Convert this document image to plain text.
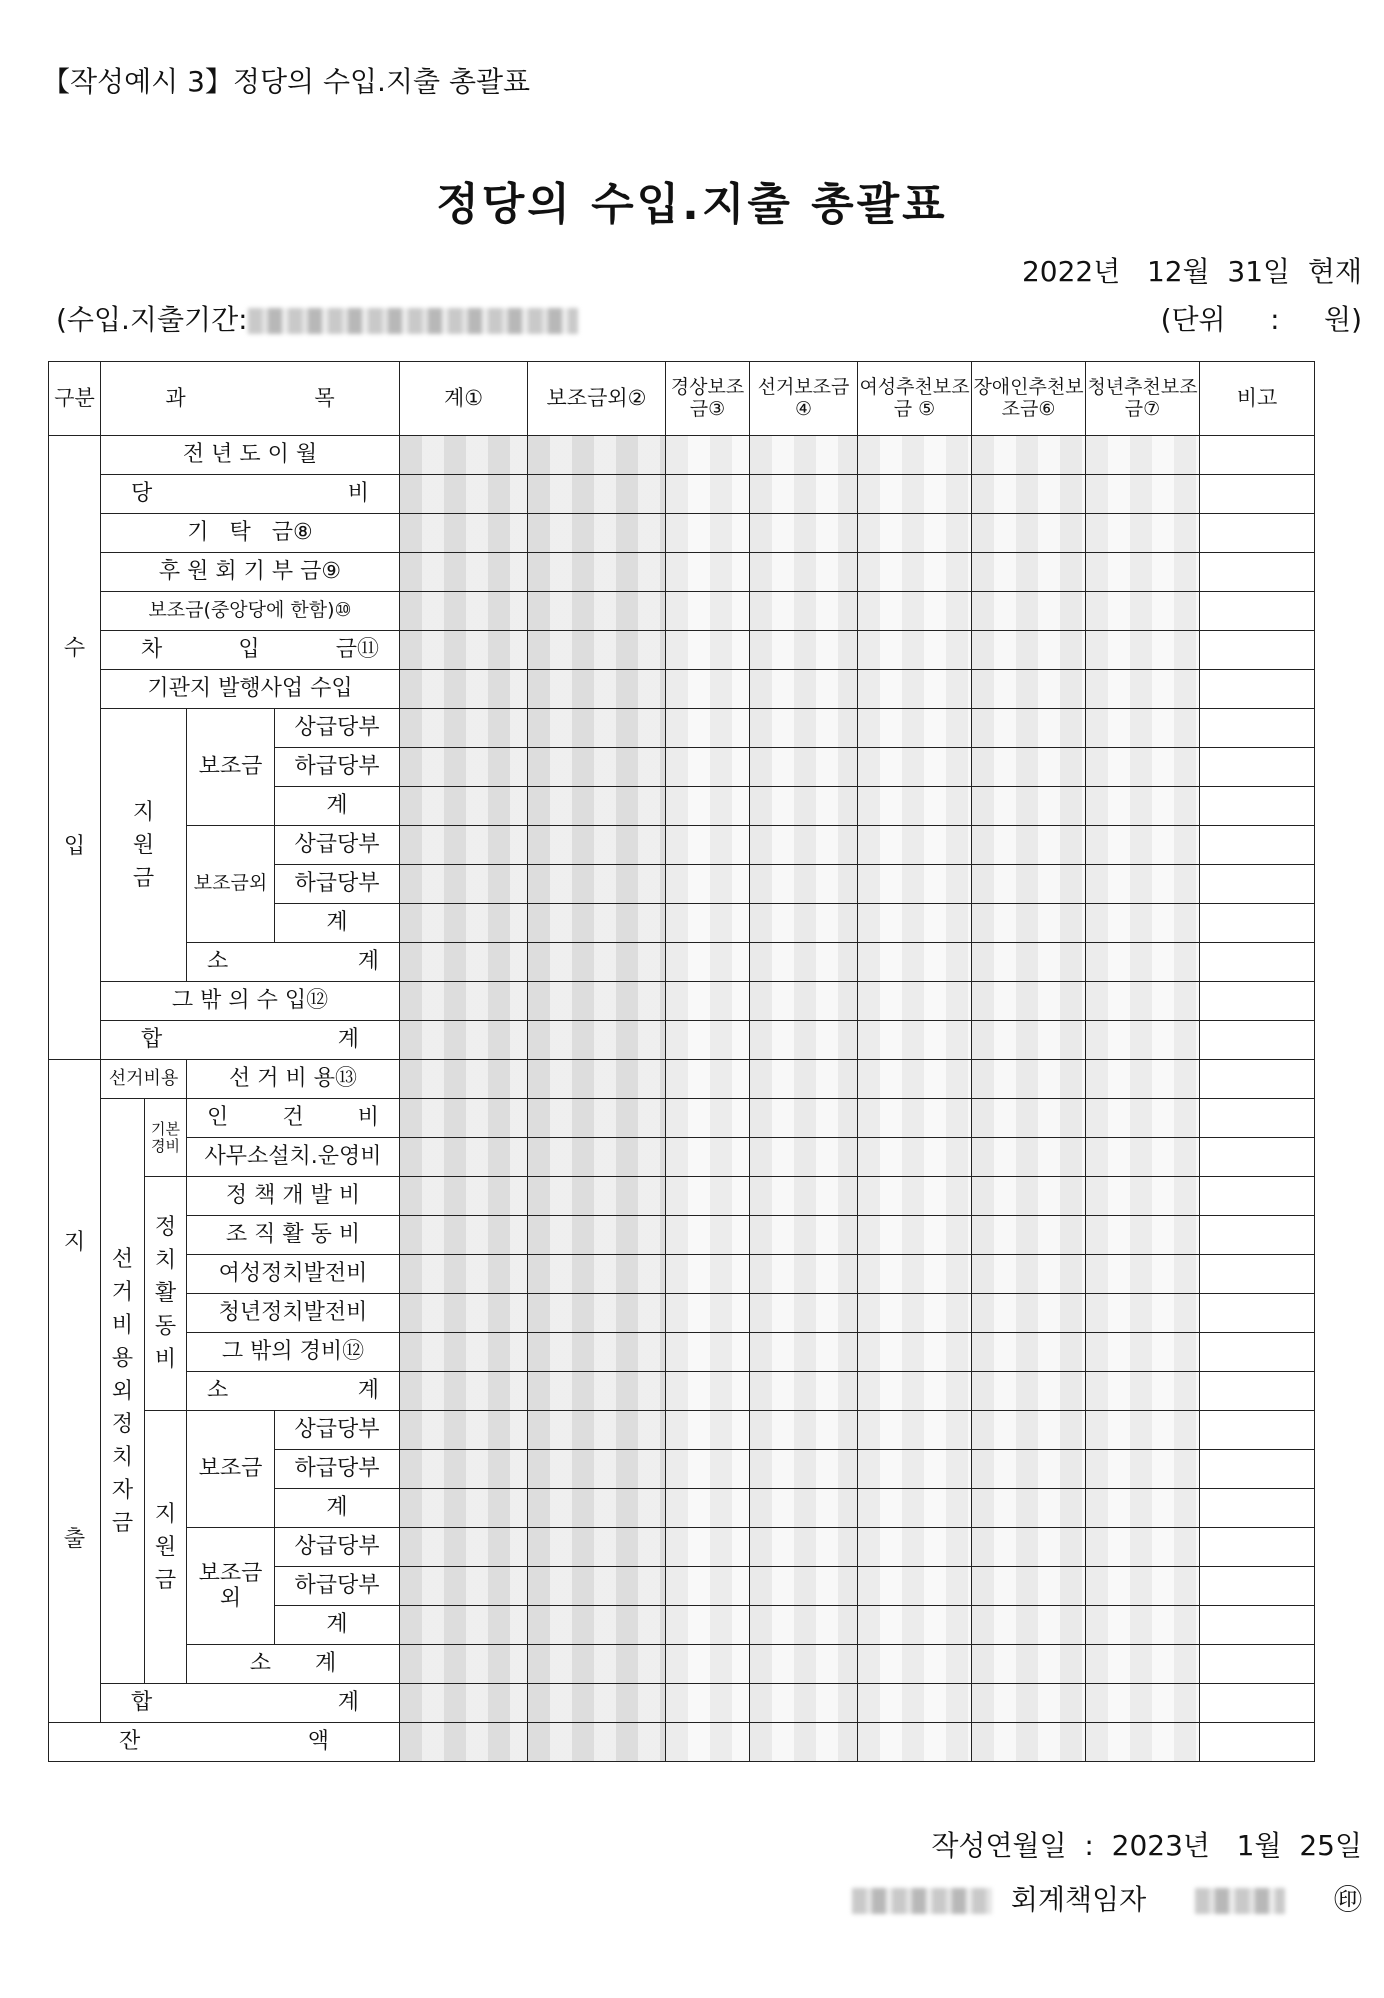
【작성예시 3】정당의 수입.지출 총괄표
정당의 수입.지출 총괄표
2022년   12월  31일  현재
(수입.지출기간:	(단위     :     원)
구분	과 목				계①	보조금외②	경상보조금③	선거보조금④	여성추천보조금 ⑤	장애인추천보조금⑥	청년추천보조금⑦	비고

수

입	전 년 도 이 월											

	당 비											

	기   탁   금⑧											
	후 원 회 기 부 금⑨											
	보조금(중앙당에 한함)⑩											

	차 입 금⑪											

	기관지 발행사업 수입											

	지 원 금		보조금	상급당부								
				하급당부								
				계								
			보조금외	상급당부								
				하급당부								
				계								

			소 계									

	그 밖 의 수 입⑫											

	합 계											

지

출	선거비용		선 거 비 용⑬									

	선 거 비 용 외 정 치 자 금	기본경비	인 건 비									

			사무소설치.운영비									

		정 치 활 동 비	정 책 개 발 비									
			조 직 활 동 비									
			여성정치발전비									
			청년정치발전비									
			그 밖의 경비⑫									

			소 계									

		지 원 금	보조금	상급당부								
				하급당부								
				계								

			보조금외	상급당부								
				하급당부								
				계								

			소 계									

	합 계											

잔 액												

작성연월일  :  2023년   1월  25일
회계책임자	㊞
